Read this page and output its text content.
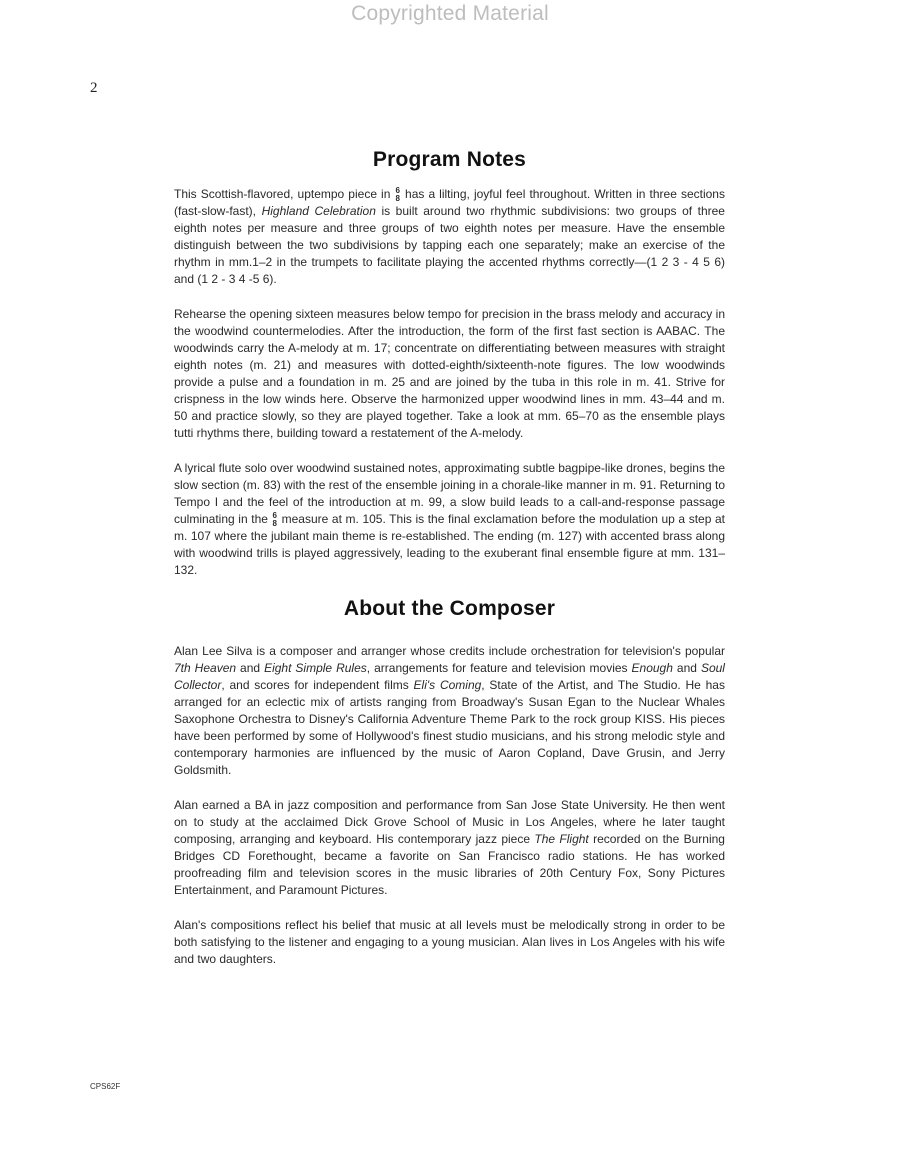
Copyrighted Material
2
Program Notes

This Scottish-flavored, uptempo piece in 6
8 has a lilting, joyful feel throughout. Written in three sections (fast-slow-fast), Highland Celebration is built around two rhythmic subdivisions: two groups of three eighth notes per measure and three groups of two eighth notes per measure. Have the ensemble distinguish between the two subdivisions by tapping each one separately; make an exercise of the rhythm in mm.1–2 in the trumpets to facilitate playing the accented rhythms correctly—(1 2 3 - 4 5 6) and (1 2 - 3 4 -5 6).

Rehearse the opening sixteen measures below tempo for precision in the brass melody and accuracy in the woodwind countermelodies. After the introduction, the form of the first fast section is AABAC. The woodwinds carry the A-melody at m. 17; concentrate on differentiating between measures with straight eighth notes (m. 21) and measures with dotted-eighth/sixteenth-note figures. The low woodwinds provide a pulse and a foundation in m. 25 and are joined by the tuba in this role in m. 41. Strive for crispness in the low winds here. Observe the harmonized upper woodwind lines in mm. 43–44 and m. 50 and practice slowly, so they are played together. Take a look at mm. 65–70 as the ensemble plays tutti rhythms there, building toward a restatement of the A-melody.

A lyrical flute solo over woodwind sustained notes, approximating subtle bagpipe-like drones, begins the slow section (m. 83) with the rest of the ensemble joining in a chorale-like manner in m. 91. Returning to Tempo I and the feel of the introduction at m. 99, a slow build leads to a call-and-response passage culminating in the 6
8 measure at m. 105. This is the final exclamation before the modulation up a step at m. 107 where the jubilant main theme is re-established. The ending (m. 127) with accented brass along with woodwind trills is played aggressively, leading to the exuberant final ensemble figure at mm. 131–132.

About the Composer

Alan Lee Silva is a composer and arranger whose credits include orchestration for television's popular 7th Heaven and Eight Simple Rules, arrangements for feature and television movies Enough and Soul Collector, and scores for independent films Eli's Coming, State of the Artist, and The Studio. He has arranged for an eclectic mix of artists ranging from Broadway's Susan Egan to the Nuclear Whales Saxophone Orchestra to Disney's California Adventure Theme Park to the rock group KISS. His pieces have been performed by some of Hollywood's finest studio musicians, and his strong melodic style and contemporary harmonies are influenced by the music of Aaron Copland, Dave Grusin, and Jerry Goldsmith.

Alan earned a BA in jazz composition and performance from San Jose State University. He then went on to study at the acclaimed Dick Grove School of Music in Los Angeles, where he later taught composing, arranging and keyboard. His contemporary jazz piece The Flight recorded on the Burning Bridges CD Forethought, became a favorite on San Francisco radio stations. He has worked proofreading film and television scores in the music libraries of 20th Century Fox, Sony Pictures Entertainment, and Paramount Pictures.

Alan's compositions reflect his belief that music at all levels must be melodically strong in order to be both satisfying to the listener and engaging to a young musician. Alan lives in Los Angeles with his wife and two daughters.

CPS62F
